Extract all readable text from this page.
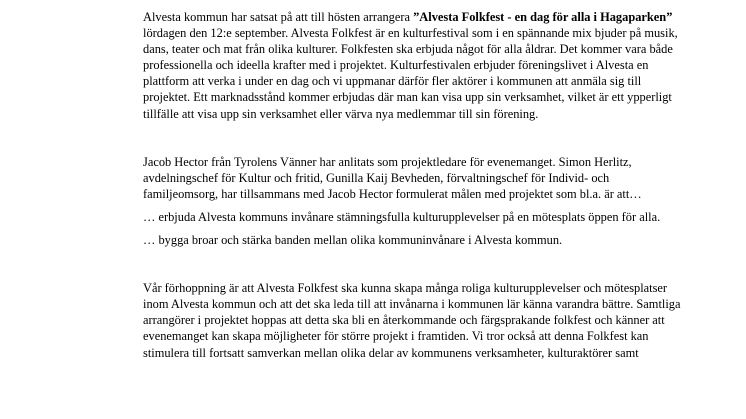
Alvesta kommun har satsat på att till hösten arrangera ”Alvesta Folkfest - en dag för alla i Hagaparken” lördagen den 12:e september. Alvesta Folkfest är en kulturfestival som i en spännande mix bjuder på musik, dans, teater och mat från olika kulturer. Folkfesten ska erbjuda något för alla åldrar. Det kommer vara både professionella och ideella krafter med i projektet. Kulturfestivalen erbjuder föreningslivet i Alvesta en plattform att verka i under en dag och vi uppmanar därför fler aktörer i kommunen att anmäla sig till projektet. Ett marknadsstånd kommer erbjudas där man kan visa upp sin verksamhet, vilket är ett ypperligt tillfälle att visa upp sin verksamhet eller värva nya medlemmar till sin förening.

Jacob Hector från Tyrolens Vänner har anlitats som projektledare för evenemanget. Simon Herlitz, avdelningschef för Kultur och fritid, Gunilla Kaij Bevheden, förvaltningschef för Individ- och familjeomsorg, har tillsammans med Jacob Hector formulerat målen med projektet som bl.a. är att…

… erbjuda Alvesta kommuns invånare stämningsfulla kulturupplevelser på en mötesplats öppen för alla.

… bygga broar och stärka banden mellan olika kommuninvånare i Alvesta kommun.

Vår förhoppning är att Alvesta Folkfest ska kunna skapa många roliga kulturupplevelser och mötesplatser inom Alvesta kommun och att det ska leda till att invånarna i kommunen lär känna varandra bättre. Samtliga arrangörer i projektet hoppas att detta ska bli en återkommande och färgsprakande folkfest och känner att evenemanget kan skapa möjligheter för större projekt i framtiden. Vi tror också att denna Folkfest kan stimulera till fortsatt samverkan mellan olika delar av kommunens verksamheter, kulturaktörer samt
